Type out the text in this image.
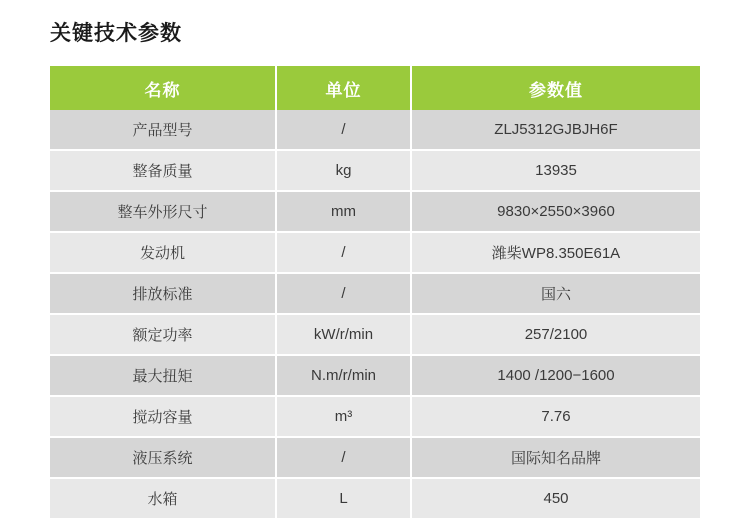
关键技术参数
名称	单位	参数值
产品型号	/	ZLJ5312GJBJH6F
整备质量	kg	13935
整车外形尺寸	mm	9830×2550×3960
发动机	/	潍柴WP8.350E61A
排放标准	/	国六
额定功率	kW/r/min	257/2100
最大扭矩	N.m/r/min	1400 /1200−1600
搅动容量	m³	7.76
液压系统	/	国际知名品牌
水箱	L	450
